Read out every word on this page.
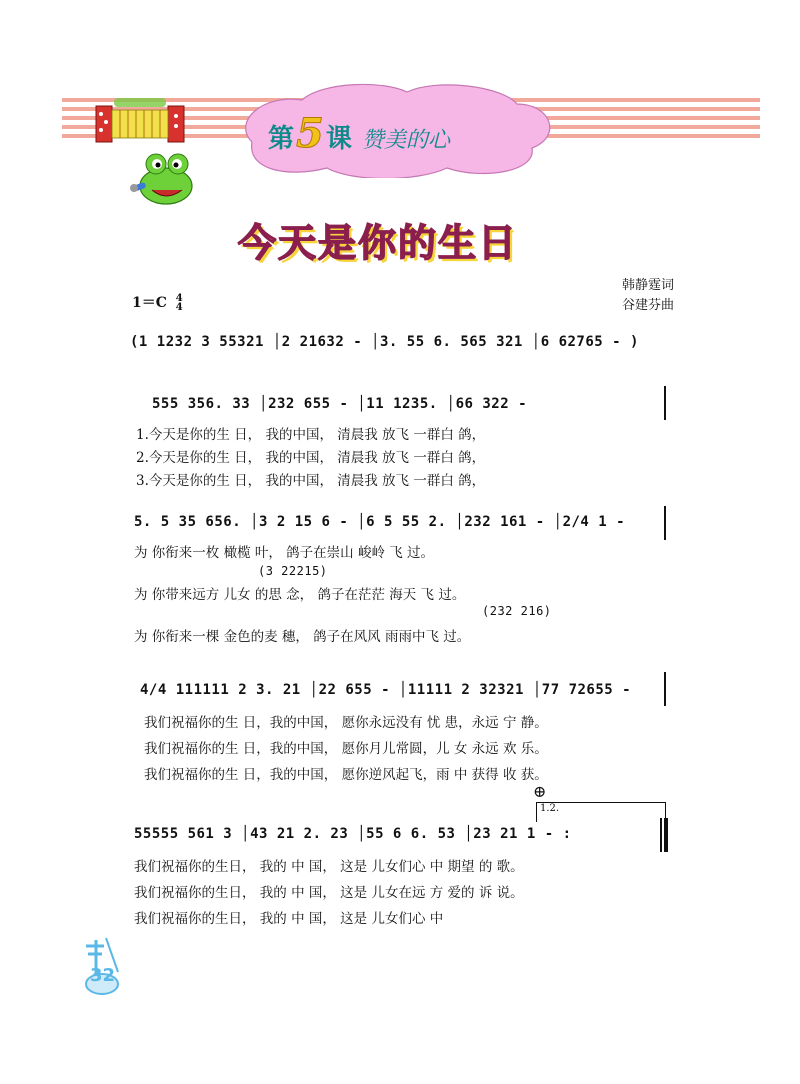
第5课 赞美的心
今天是你的生日
韩静霆词
谷建芬曲
1＝C 4
4
(1 1232 3 55321 │2 21632 - │3. 55 6. 565 321 │6 62765 - )
555 356. 33 │232 655 - │11 1235. │66 322 -
1.今天是你的生 日， 我的中国， 清晨我 放飞 一群白 鸽，
2.今天是你的生 日， 我的中国， 清晨我 放飞 一群白 鸽，
3.今天是你的生 日， 我的中国， 清晨我 放飞 一群白 鸽，
5. 5 35 656. │3 2 15 6 - │6 5 55 2. │232 161 - │2/4 1 -
为 你衔来一枚 橄榄 叶， 鸽子在崇山 峻岭 飞 过。
(3 22215)
为 你带来远方 儿女 的思 念， 鸽子在茫茫 海天 飞 过。
(232 216)
为 你衔来一棵 金色的麦 穗， 鸽子在风风 雨雨中飞 过。
4/4 111111 2 3. 21 │22 655 - │11111 2 32321 │77 72655 -
我们祝福你的生 日，我的中国， 愿你永远没有 忧 患，永远 宁 静。
我们祝福你的生 日，我的中国， 愿你月儿常圆，儿 女 永远 欢 乐。
我们祝福你的生 日，我的中国， 愿你逆风起飞，雨 中 获得 收 获。
⊕
1.2.
55555 561 3 │43 21 2. 23 │55 6 6. 53 │23 21 1 - :
我们祝福你的生日， 我的 中 国， 这是 儿女们心 中 期望 的 歌。
我们祝福你的生日， 我的 中 国， 这是 儿女在远 方 爱的 诉 说。
我们祝福你的生日， 我的 中 国， 这是 儿女们心 中
32
